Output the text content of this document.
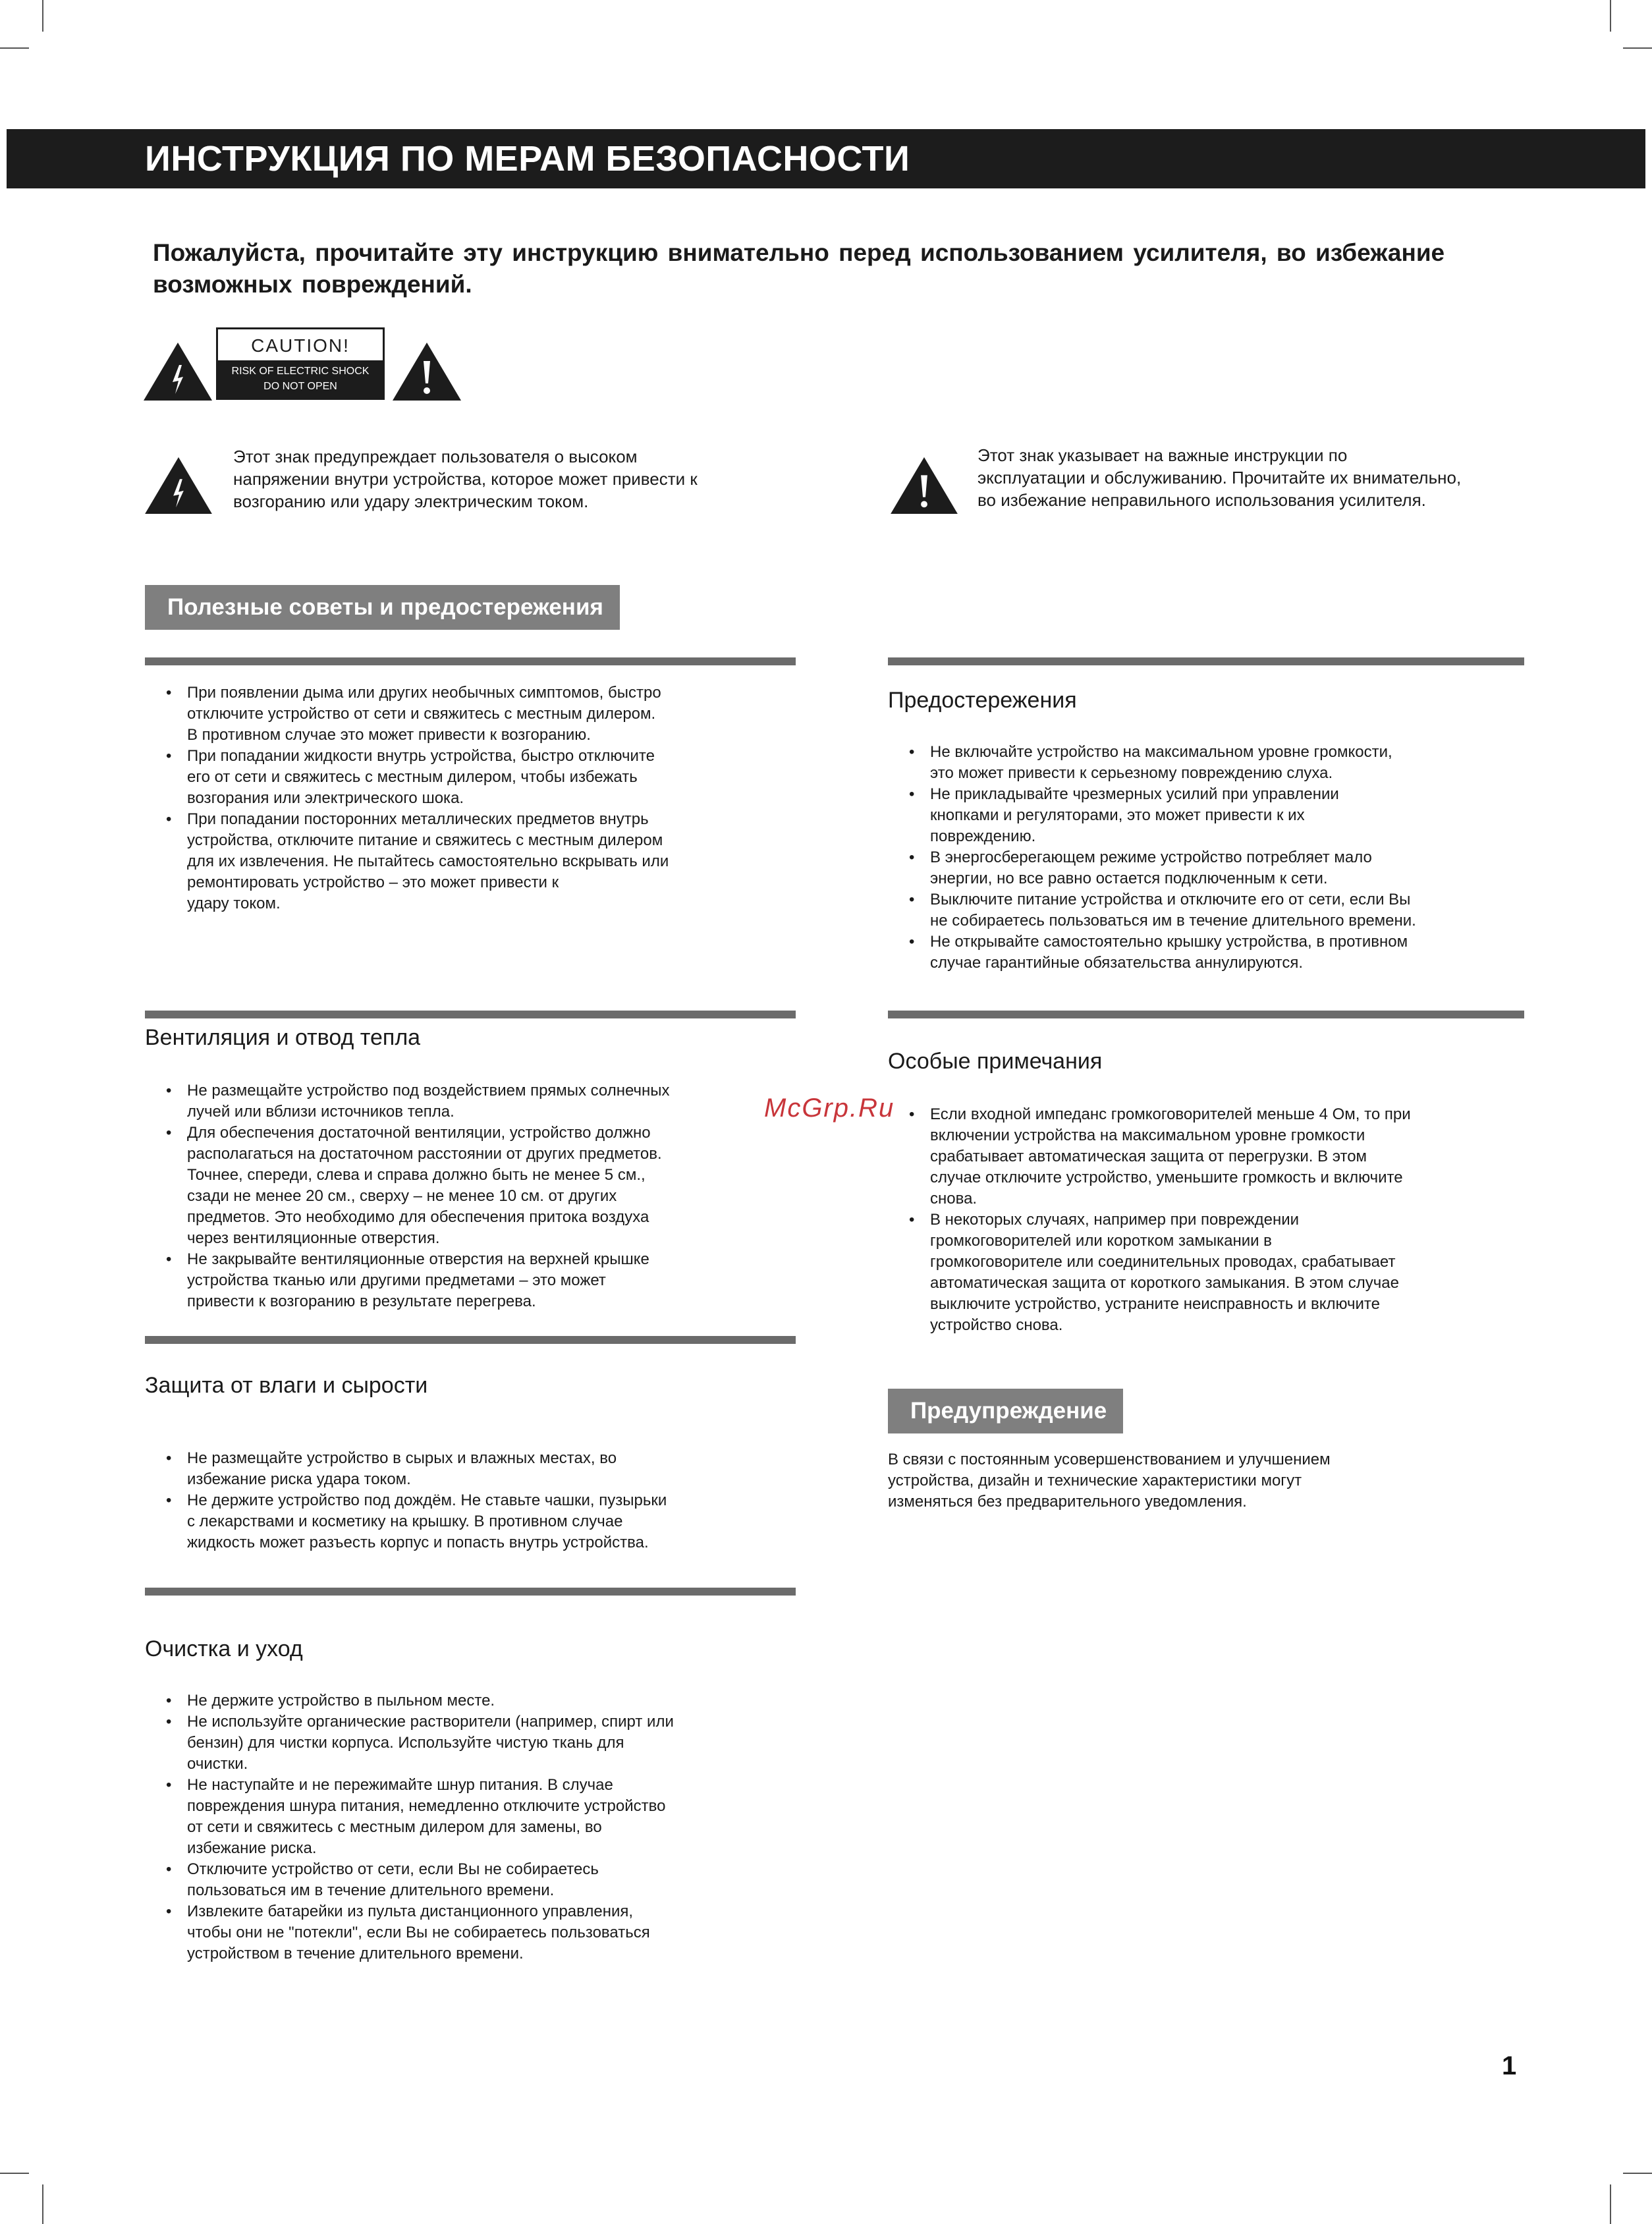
ИНСТРУКЦИЯ ПО МЕРАМ БЕЗОПАСНОСТИ
Пожалуйста, прочитайте эту инструкцию внимательно перед использованием усилителя, во избежание возможных повреждений.
CAUTION!
RISK OF ELECTRIC SHOCK
DO NOT OPEN
Этот знак предупреждает пользователя о высоком
напряжении внутри устройства, которое может привести к
возгоранию или удару электрическим током.
Этот знак указывает на важные инструкции по
эксплуатации и обслуживанию. Прочитайте их внимательно,
во избежание неправильного использования усилителя.
Полезные советы и предостережения
• При появлении дыма или других необычных симптомов, быстро
отключите устройство от сети и свяжитесь с местным дилером.
В противном случае это может привести к возгоранию.
• При попадании жидкости внутрь устройства, быстро отключите
его от сети и свяжитесь с местным дилером, чтобы избежать
возгорания или электрического шока.
• При попадании посторонних металлических предметов внутрь
устройства, отключите питание и свяжитесь с местным дилером
для их извлечения. Не пытайтесь самостоятельно вскрывать или
ремонтировать устройство – это может привести к
удару током.
Предостережения
• Не включайте устройство на максимальном уровне громкости,
это может привести к серьезному повреждению слуха.
• Не прикладывайте чрезмерных усилий при управлении
кнопками и регуляторами, это может привести к их
повреждению.
• В энергосберегающем режиме устройство потребляет мало
энергии, но все равно остается подключенным к сети.
• Выключите питание устройства и отключите его от сети, если Вы
не собираетесь пользоваться им в течение длительного времени.
• Не открывайте самостоятельно крышку устройства, в противном
случае гарантийные обязательства аннулируются.
Вентиляция и отвод тепла
• Не размещайте устройство под воздействием прямых солнечных
лучей или вблизи источников тепла.
• Для обеспечения достаточной вентиляции, устройство должно
располагаться на достаточном расстоянии от других предметов.
Точнее, спереди, слева и справа должно быть не менее 5 см.,
сзади не менее 20 см., сверху – не менее 10 см. от других
предметов. Это необходимо для обеспечения притока воздуха
через вентиляционные отверстия.
• Не закрывайте вентиляционные отверстия на верхней крышке
устройства тканью или другими предметами – это может
привести к возгоранию в результате перегрева.
Особые примечания
• Если входной импеданс громкоговорителей меньше 4 Ом, то при
включении устройства на максимальном уровне громкости
срабатывает автоматическая защита от перегрузки. В этом
случае отключите устройство, уменьшите громкость и включите
снова.
• В некоторых случаях, например при повреждении
громкоговорителей или коротком замыкании в
громкоговорителе или соединительных проводах, срабатывает
автоматическая защита от короткого замыкания. В этом случае
выключите устройство, устраните неисправность и включите
устройство снова.
McGrp.Ru
Защита от влаги и сырости
• Не размещайте устройство в сырых и влажных местах, во
избежание риска удара током.
• Не держите устройство под дождём. Не ставьте чашки, пузырьки
с лекарствами и косметику на крышку. В противном случае
жидкость может разъесть корпус и попасть внутрь устройства.
Предупреждение
В связи с постоянным усовершенствованием и улучшением
устройства, дизайн и технические характеристики могут
изменяться без предварительного уведомления.
Очистка и уход
• Не держите устройство в пыльном месте.
• Не используйте органические растворители (например, спирт или
бензин) для чистки корпуса. Используйте чистую ткань для
очистки.
• Не наступайте и не пережимайте шнур питания. В случае
повреждения шнура питания, немедленно отключите устройство
от сети и свяжитесь с местным дилером для замены, во
избежание риска.
• Отключите устройство от сети, если Вы не собираетесь
пользоваться им в течение длительного времени.
• Извлеките батарейки из пульта дистанционного управления,
чтобы они не "потекли", если Вы не собираетесь пользоваться
устройством в течение длительного времени.
1
